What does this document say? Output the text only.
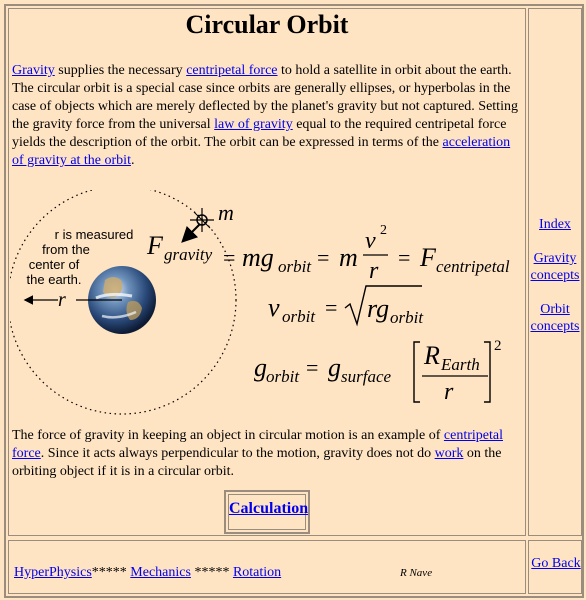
Circular Orbit
Gravity supplies the necessary centripetal force to hold a satellite in orbit about the earth. The circular orbit is a special case since orbits are generally ellipses, or hyperbolas in the case of objects which are merely deflected by the planet's gravity but not captured. Setting the gravity force from the universal law of gravity equal to the required centripetal force yields the description of the orbit. The orbit can be expressed in terms of the acceleration of gravity at the orbit.
m
r is measured
from the
center of
the earth.
r
F gravity = mg orbit = m
v 2
r
= F centripetal
v orbit = rg orbit
g orbit = g surface
R Earth
r
2
The force of gravity in keeping an object in circular motion is an example of centripetal force. Since it acts always perpendicular to the motion, gravity does not do work on the orbiting object if it is in a circular orbit.
Calculation
Index
Gravity concepts
Orbit concepts
HyperPhysics***** Mechanics ***** Rotation	R Nave
Go Back
